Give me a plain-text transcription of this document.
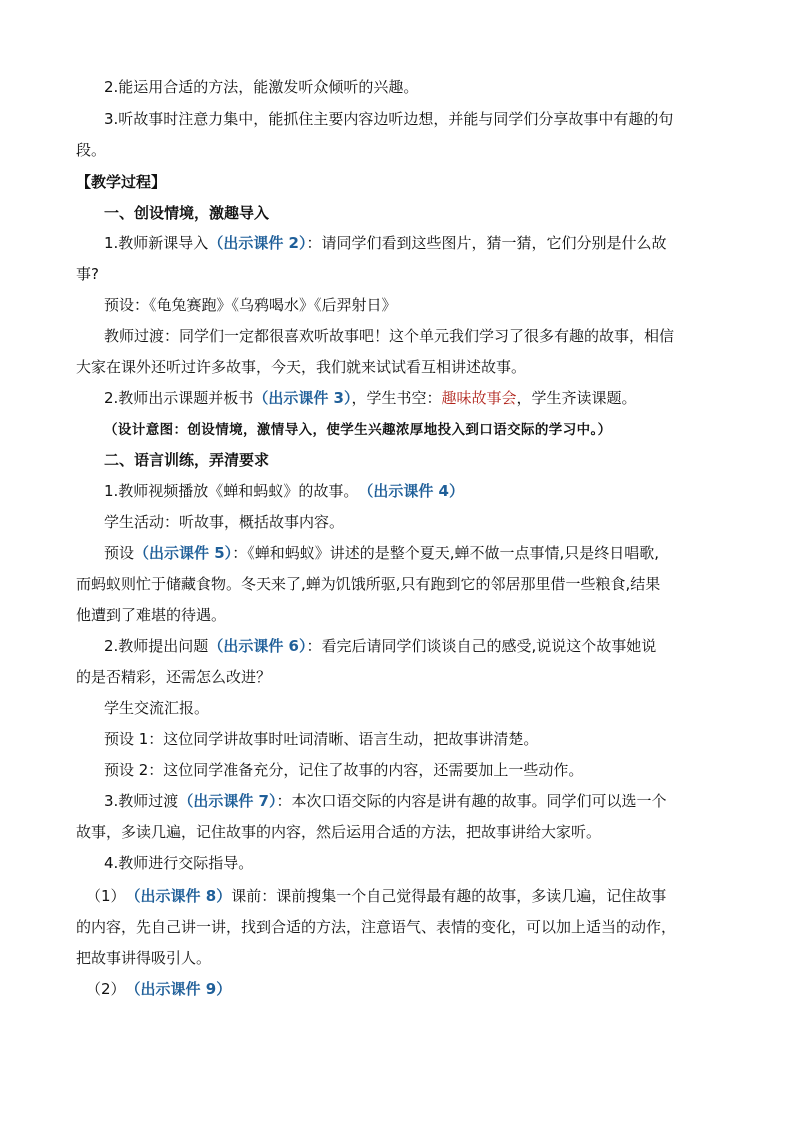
2.能运用合适的方法，能激发听众倾听的兴趣。
3.听故事时注意力集中，能抓住主要内容边听边想，并能与同学们分享故事中有趣的句
段。
【教学过程】
一、创设情境，激趣导入
1.教师新课导入（出示课件 2）：请同学们看到这些图片，猜一猜，它们分别是什么故
事?
预设：《龟兔赛跑》《乌鸦喝水》《后羿射日》
教师过渡：同学们一定都很喜欢听故事吧！这个单元我们学习了很多有趣的故事，相信
大家在课外还听过许多故事，今天，我们就来试试看互相讲述故事。
2.教师出示课题并板书（出示课件 3），学生书空：趣味故事会，学生齐读课题。
（设计意图：创设情境，激情导入，使学生兴趣浓厚地投入到口语交际的学习中。）
二、语言训练，弄清要求
1.教师视频播放《蝉和蚂蚁》的故事。（出示课件 4）
学生活动：听故事，概括故事内容。
预设（出示课件 5）：《蝉和蚂蚁》讲述的是整个夏天,蝉不做一点事情,只是终日唱歌,
而蚂蚁则忙于储藏食物。冬天来了,蝉为饥饿所驱,只有跑到它的邻居那里借一些粮食,结果
他遭到了难堪的待遇。
2.教师提出问题（出示课件 6）：看完后请同学们谈谈自己的感受,说说这个故事她说
的是否精彩，还需怎么改进？
学生交流汇报。
预设 1：这位同学讲故事时吐词清晰、语言生动，把故事讲清楚。
预设 2：这位同学准备充分，记住了故事的内容，还需要加上一些动作。
3.教师过渡（出示课件 7）：本次口语交际的内容是讲有趣的故事。同学们可以选一个
故事，多读几遍，记住故事的内容，然后运用合适的方法，把故事讲给大家听。
4.教师进行交际指导。
（1）（出示课件 8）课前：课前搜集一个自己觉得最有趣的故事，多读几遍，记住故事
的内容，先自己讲一讲，找到合适的方法，注意语气、表情的变化，可以加上适当的动作，
把故事讲得吸引人。
（2）（出示课件 9）
